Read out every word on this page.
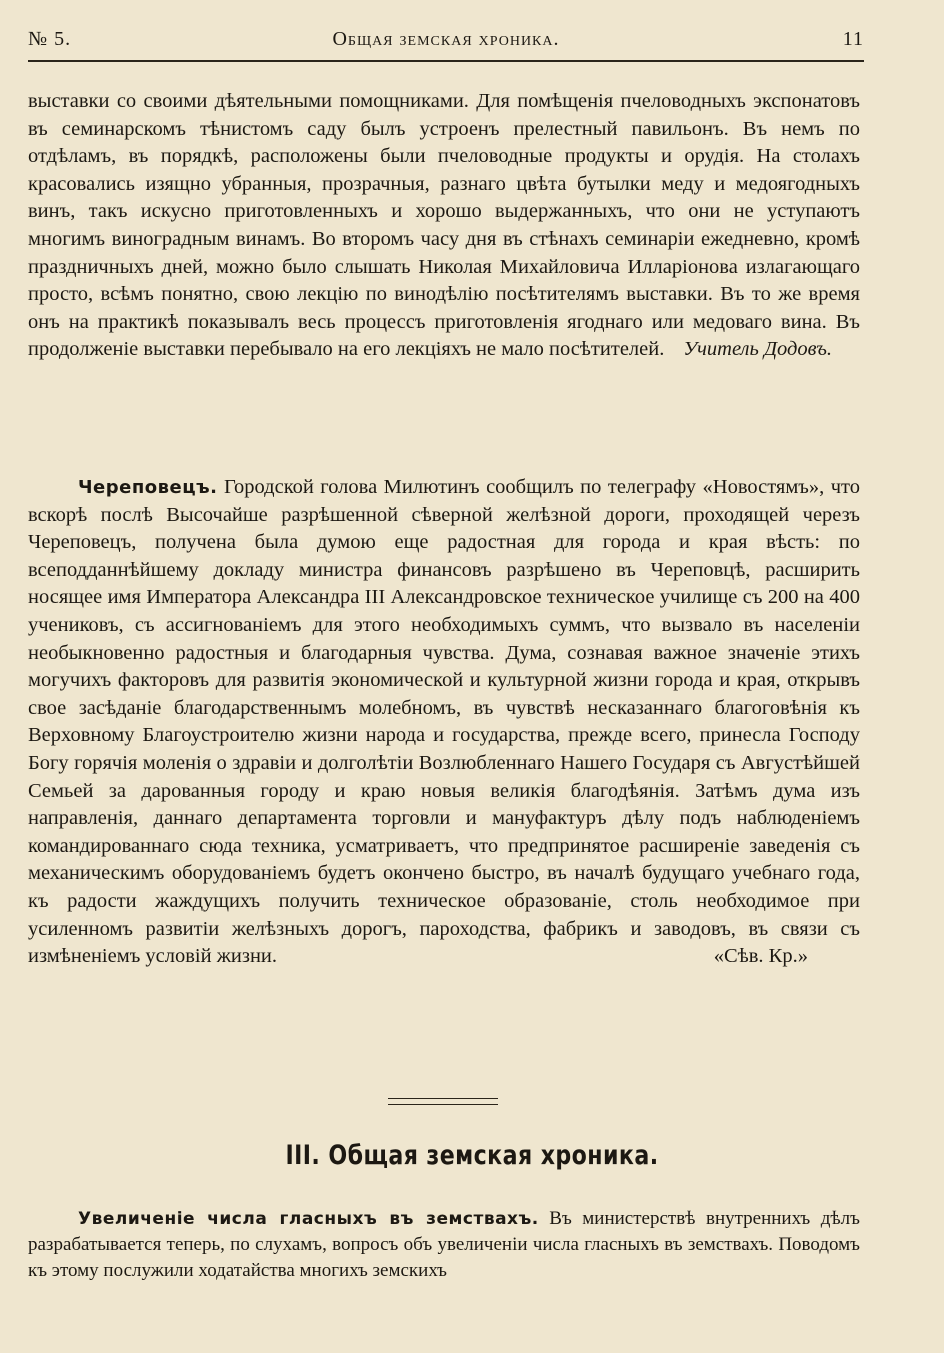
№ 5.	Общая земская хроника.	11

выставки со своими дѣятельными помощниками. Для помѣщенія пчеловодныхъ экспонатовъ въ семинарскомъ тѣнистомъ саду былъ устроенъ прелестный павильонъ. Въ немъ по отдѣламъ, въ порядкѣ, расположены были пчеловодные продукты и орудія. На столахъ красовались изящно убранныя, прозрачныя, разнаго цвѣта бутылки меду и медоягодныхъ винъ, такъ искусно приготовленныхъ и хорошо выдержанныхъ, что они не уступаютъ многимъ виноградным винамъ. Во второмъ часу дня въ стѣнахъ семинаріи ежедневно, кромѣ праздничныхъ дней, можно было слышать Николая Михайловича Илларіонова излагающаго просто, всѣмъ понятно, свою лекцію по винодѣлію посѣтителямъ выставки. Въ то же время онъ на практикѣ показывалъ весь процессъ приготовленія ягоднаго или медоваго вина. Въ продолженіе выставки перебывало на его лекціяхъ не мало посѣтителей. Учитель Додовъ.

Череповецъ. Городской голова Милютинъ сообщилъ по телеграфу «Новостямъ», что вскорѣ послѣ Высочайше разрѣшенной сѣверной желѣзной дороги, проходящей черезъ Череповецъ, получена была думою еще радостная для города и края вѣсть: по всеподданнѣйшему докладу министра финансовъ разрѣшено въ Череповцѣ, расширить носящее имя Императора Александра III Александровское техническое училище съ 200 на 400 учениковъ, съ ассигнованіемъ для этого необходимыхъ суммъ, что вызвало въ населеніи необыкновенно радостныя и благодарныя чувства. Дума, сознавая важное значеніе этихъ могучихъ факторовъ для развитія экономической и культурной жизни города и края, открывъ свое засѣданіе благодарственнымъ молебномъ, въ чувствѣ несказаннаго благоговѣнія къ Верховному Благоустроителю жизни народа и государства, прежде всего, принесла Господу Богу горячія моленія о здравіи и долголѣтіи Возлюбленнаго Нашего Государя съ Августѣйшей Семьей за дарованныя городу и краю новыя великія благодѣянія. Затѣмъ дума изъ направленія, даннаго департамента торговли и мануфактуръ дѣлу подъ наблюденіемъ командированнаго сюда техника, усматриваетъ, что предпринятое расширеніе заведенія съ механическимъ оборудованіемъ будетъ окончено быстро, въ началѣ будущаго учебнаго года, къ радости жаждущихъ получить техническое образованіе, столь необходимое при усиленномъ развитіи желѣзныхъ дорогъ, пароходства, фабрикъ и заводовъ, въ связи съ измѣненіемъ условій жизни.	«Сѣв. Кр.»

III. Общая земская хроника.

Увеличеніе числа гласныхъ въ земствахъ. Въ министерствѣ внутреннихъ дѣлъ разрабатывается теперь, по слухамъ, вопросъ объ увеличеніи числа гласныхъ въ земствахъ. Поводомъ къ этому послужили ходатайства многихъ земскихъ
